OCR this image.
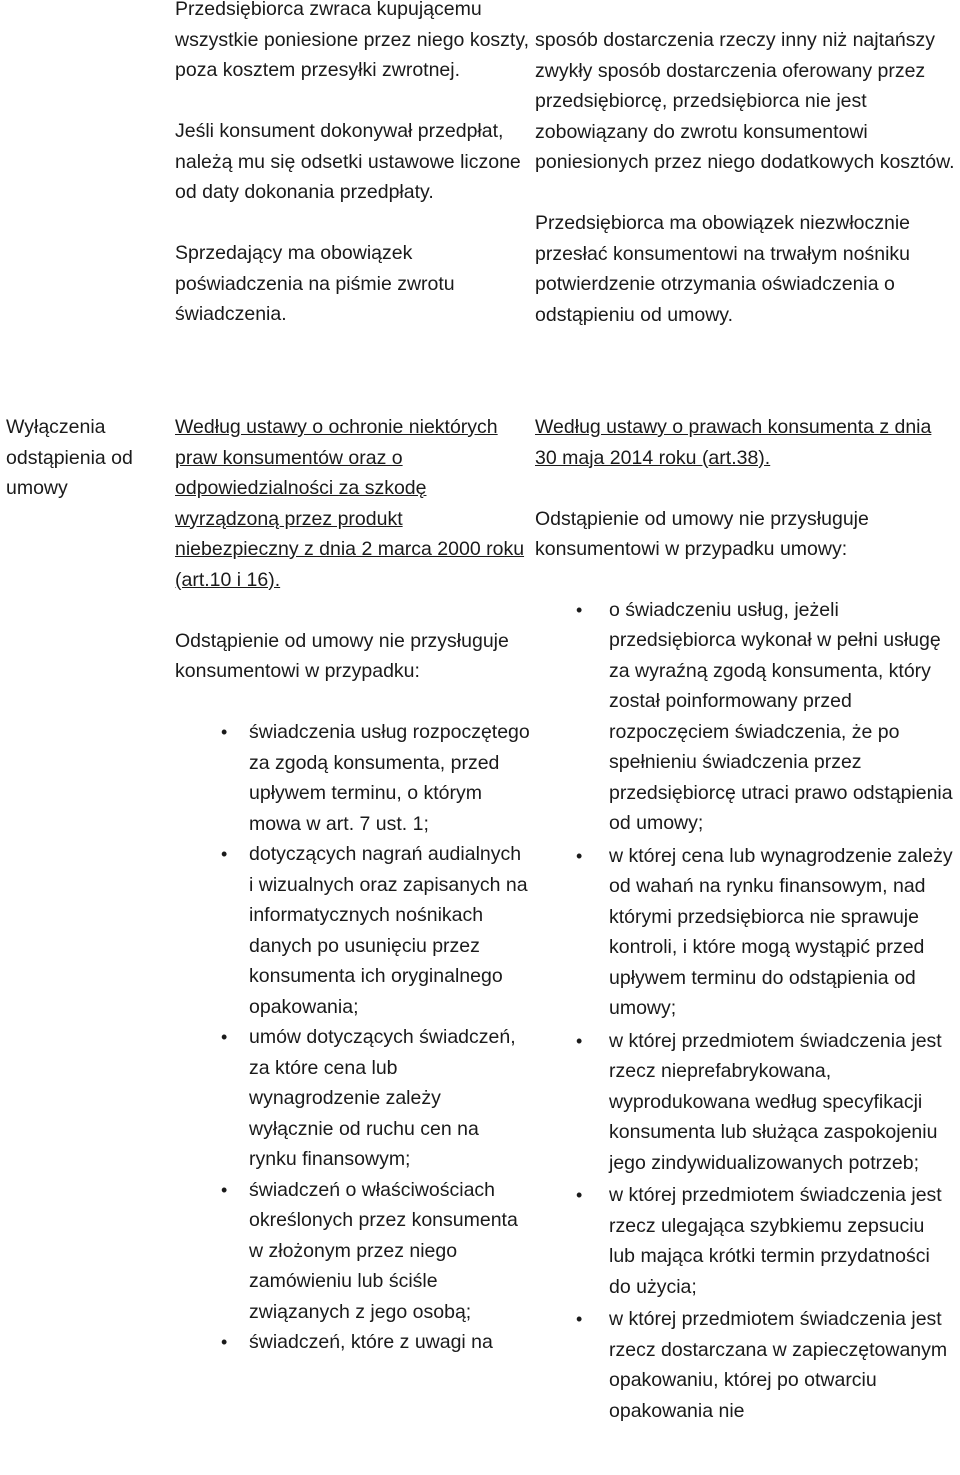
Przedsiębiorca zwraca kupującemu wszystkie poniesione przez niego koszty, poza kosztem przesyłki zwrotnej.

Jeśli konsument dokonywał przedpłat, należą mu się odsetki ustawowe liczone od daty dokonania przedpłaty.

Sprzedający ma obowiązek poświadczenia na piśmie zwrotu świadczenia.

sposób dostarczenia rzeczy inny niż najtańszy zwykły sposób dostarczenia oferowany przez przedsiębiorcę, przedsiębiorca nie jest zobowiązany do zwrotu konsumentowi poniesionych przez niego dodatkowych kosztów.

Przedsiębiorca ma obowiązek niezwłocznie przesłać konsumentowi na trwałym nośniku potwierdzenie otrzymania oświadczenia o odstąpieniu od umowy.

Wyłączenia odstąpienia od umowy

Według ustawy o ochronie niektórych praw konsumentów oraz o odpowiedzialności za szkodę wyrządzoną przez produkt niebezpieczny z dnia 2 marca 2000 roku (art.10 i 16).

Odstąpienie od umowy nie przysługuje konsumentowi w przypadku:

• świadczenia usług rozpoczętego za zgodą konsumenta, przed upływem terminu, o którym mowa w art. 7 ust. 1;
• dotyczących nagrań audialnych i wizualnych oraz zapisanych na informatycznych nośnikach danych po usunięciu przez konsumenta ich oryginalnego opakowania;
• umów dotyczących świadczeń, za które cena lub wynagrodzenie zależy wyłącznie od ruchu cen na rynku finansowym;
• świadczeń o właściwościach określonych przez konsumenta w złożonym przez niego zamówieniu lub ściśle związanych z jego osobą;
• świadczeń, które z uwagi na

Według ustawy o prawach konsumenta z dnia 30 maja 2014 roku (art.38).

Odstąpienie od umowy nie przysługuje konsumentowi w przypadku umowy:

• o świadczeniu usług, jeżeli przedsiębiorca wykonał w pełni usługę za wyraźną zgodą konsumenta, który został poinformowany przed rozpoczęciem świadczenia, że po spełnieniu świadczenia przez przedsiębiorcę utraci prawo odstąpienia od umowy;
• w której cena lub wynagrodzenie zależy od wahań na rynku finansowym, nad którymi przedsiębiorca nie sprawuje kontroli, i które mogą wystąpić przed upływem terminu do odstąpienia od umowy;
• w której przedmiotem świadczenia jest rzecz nieprefabrykowana, wyprodukowana według specyfikacji konsumenta lub służąca zaspokojeniu jego zindywidualizowanych potrzeb;
• w której przedmiotem świadczenia jest rzecz ulegająca szybkiemu zepsuciu lub mająca krótki termin przydatności do użycia;
• w której przedmiotem świadczenia jest rzecz dostarczana w zapieczętowanym opakowaniu, której po otwarciu opakowania nie
